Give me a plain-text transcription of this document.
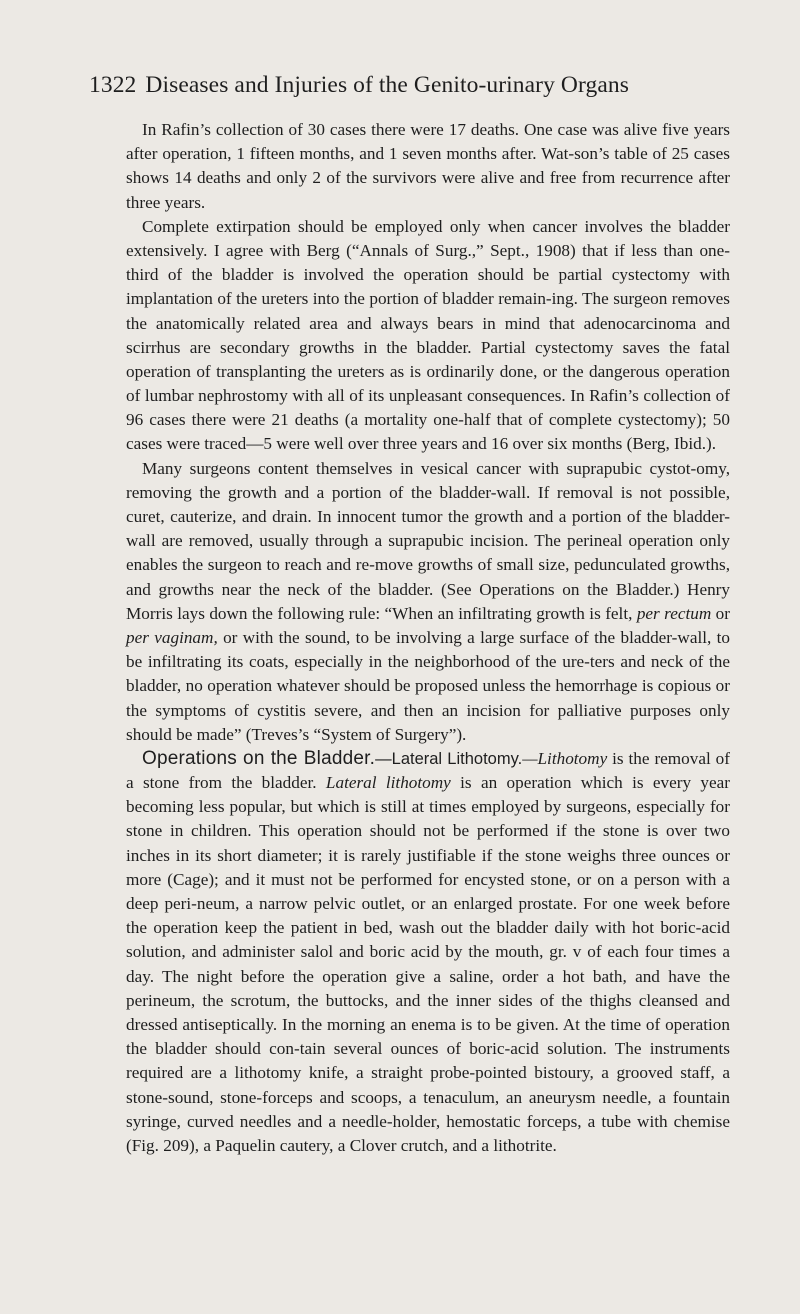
1322 Diseases and Injuries of the Genito-urinary Organs

In Rafin’s collection of 30 cases there were 17 deaths. One case was alive five years after operation, 1 fifteen months, and 1 seven months after. Wat-son’s table of 25 cases shows 14 deaths and only 2 of the survivors were alive and free from recurrence after three years.

Complete extirpation should be employed only when cancer involves the bladder extensively. I agree with Berg (“Annals of Surg.,” Sept., 1908) that if less than one-third of the bladder is involved the operation should be partial cystectomy with implantation of the ureters into the portion of bladder remain-ing. The surgeon removes the anatomically related area and always bears in mind that adenocarcinoma and scirrhus are secondary growths in the bladder. Partial cystectomy saves the fatal operation of transplanting the ureters as is ordinarily done, or the dangerous operation of lumbar nephrostomy with all of its unpleasant consequences. In Rafin’s collection of 96 cases there were 21 deaths (a mortality one-half that of complete cystectomy); 50 cases were traced—5 were well over three years and 16 over six months (Berg, Ibid.).

Many surgeons content themselves in vesical cancer with suprapubic cystot-omy, removing the growth and a portion of the bladder-wall. If removal is not possible, curet, cauterize, and drain. In innocent tumor the growth and a portion of the bladder-wall are removed, usually through a suprapubic incision. The perineal operation only enables the surgeon to reach and re-move growths of small size, pedunculated growths, and growths near the neck of the bladder. (See Operations on the Bladder.) Henry Morris lays down the following rule: “When an infiltrating growth is felt, per rectum or per vaginam, or with the sound, to be involving a large surface of the bladder-wall, to be infiltrating its coats, especially in the neighborhood of the ure-ters and neck of the bladder, no operation whatever should be proposed unless the hemorrhage is copious or the symptoms of cystitis severe, and then an incision for palliative purposes only should be made” (Treves’s “System of Surgery”).

Operations on the Bladder.—Lateral Lithotomy.—Lithotomy is the removal of a stone from the bladder. Lateral lithotomy is an operation which is every year becoming less popular, but which is still at times employed by surgeons, especially for stone in children. This operation should not be performed if the stone is over two inches in its short diameter; it is rarely justifiable if the stone weighs three ounces or more (Cage); and it must not be performed for encysted stone, or on a person with a deep peri-neum, a narrow pelvic outlet, or an enlarged prostate. For one week before the operation keep the patient in bed, wash out the bladder daily with hot boric-acid solution, and administer salol and boric acid by the mouth, gr. v of each four times a day. The night before the operation give a saline, order a hot bath, and have the perineum, the scrotum, the buttocks, and the inner sides of the thighs cleansed and dressed antiseptically. In the morning an enema is to be given. At the time of operation the bladder should con-tain several ounces of boric-acid solution. The instruments required are a lithotomy knife, a straight probe-pointed bistoury, a grooved staff, a stone-sound, stone-forceps and scoops, a tenaculum, an aneurysm needle, a fountain syringe, curved needles and a needle-holder, hemostatic forceps, a tube with chemise (Fig. 209), a Paquelin cautery, a Clover crutch, and a lithotrite.
